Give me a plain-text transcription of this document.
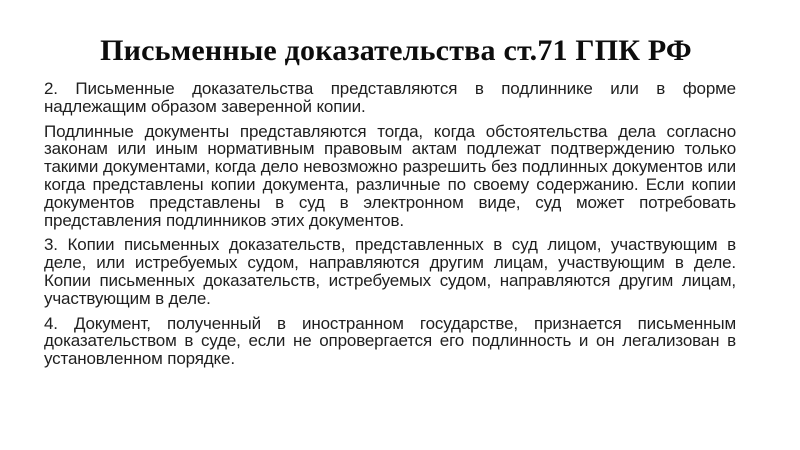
Письменные доказательства ст.71 ГПК РФ

2. Письменные доказательства представляются в подлиннике или в форме надлежащим образом заверенной копии.

Подлинные документы представляются тогда, когда обстоятельства дела согласно законам или иным нормативным правовым актам подлежат подтверждению только такими документами, когда дело невозможно разрешить без подлинных документов или когда представлены копии документа, различные по своему содержанию. Если копии документов представлены в суд в электронном виде, суд может потребовать представления подлинников этих документов.

3. Копии письменных доказательств, представленных в суд лицом, участвующим в деле, или истребуемых судом, направляются другим лицам, участвующим в деле. Копии письменных доказательств, истребуемых судом, направляются другим лицам, участвующим в деле.

4. Документ, полученный в иностранном государстве, признается письменным доказательством в суде, если не опровергается его подлинность и он легализован в установленном порядке.
